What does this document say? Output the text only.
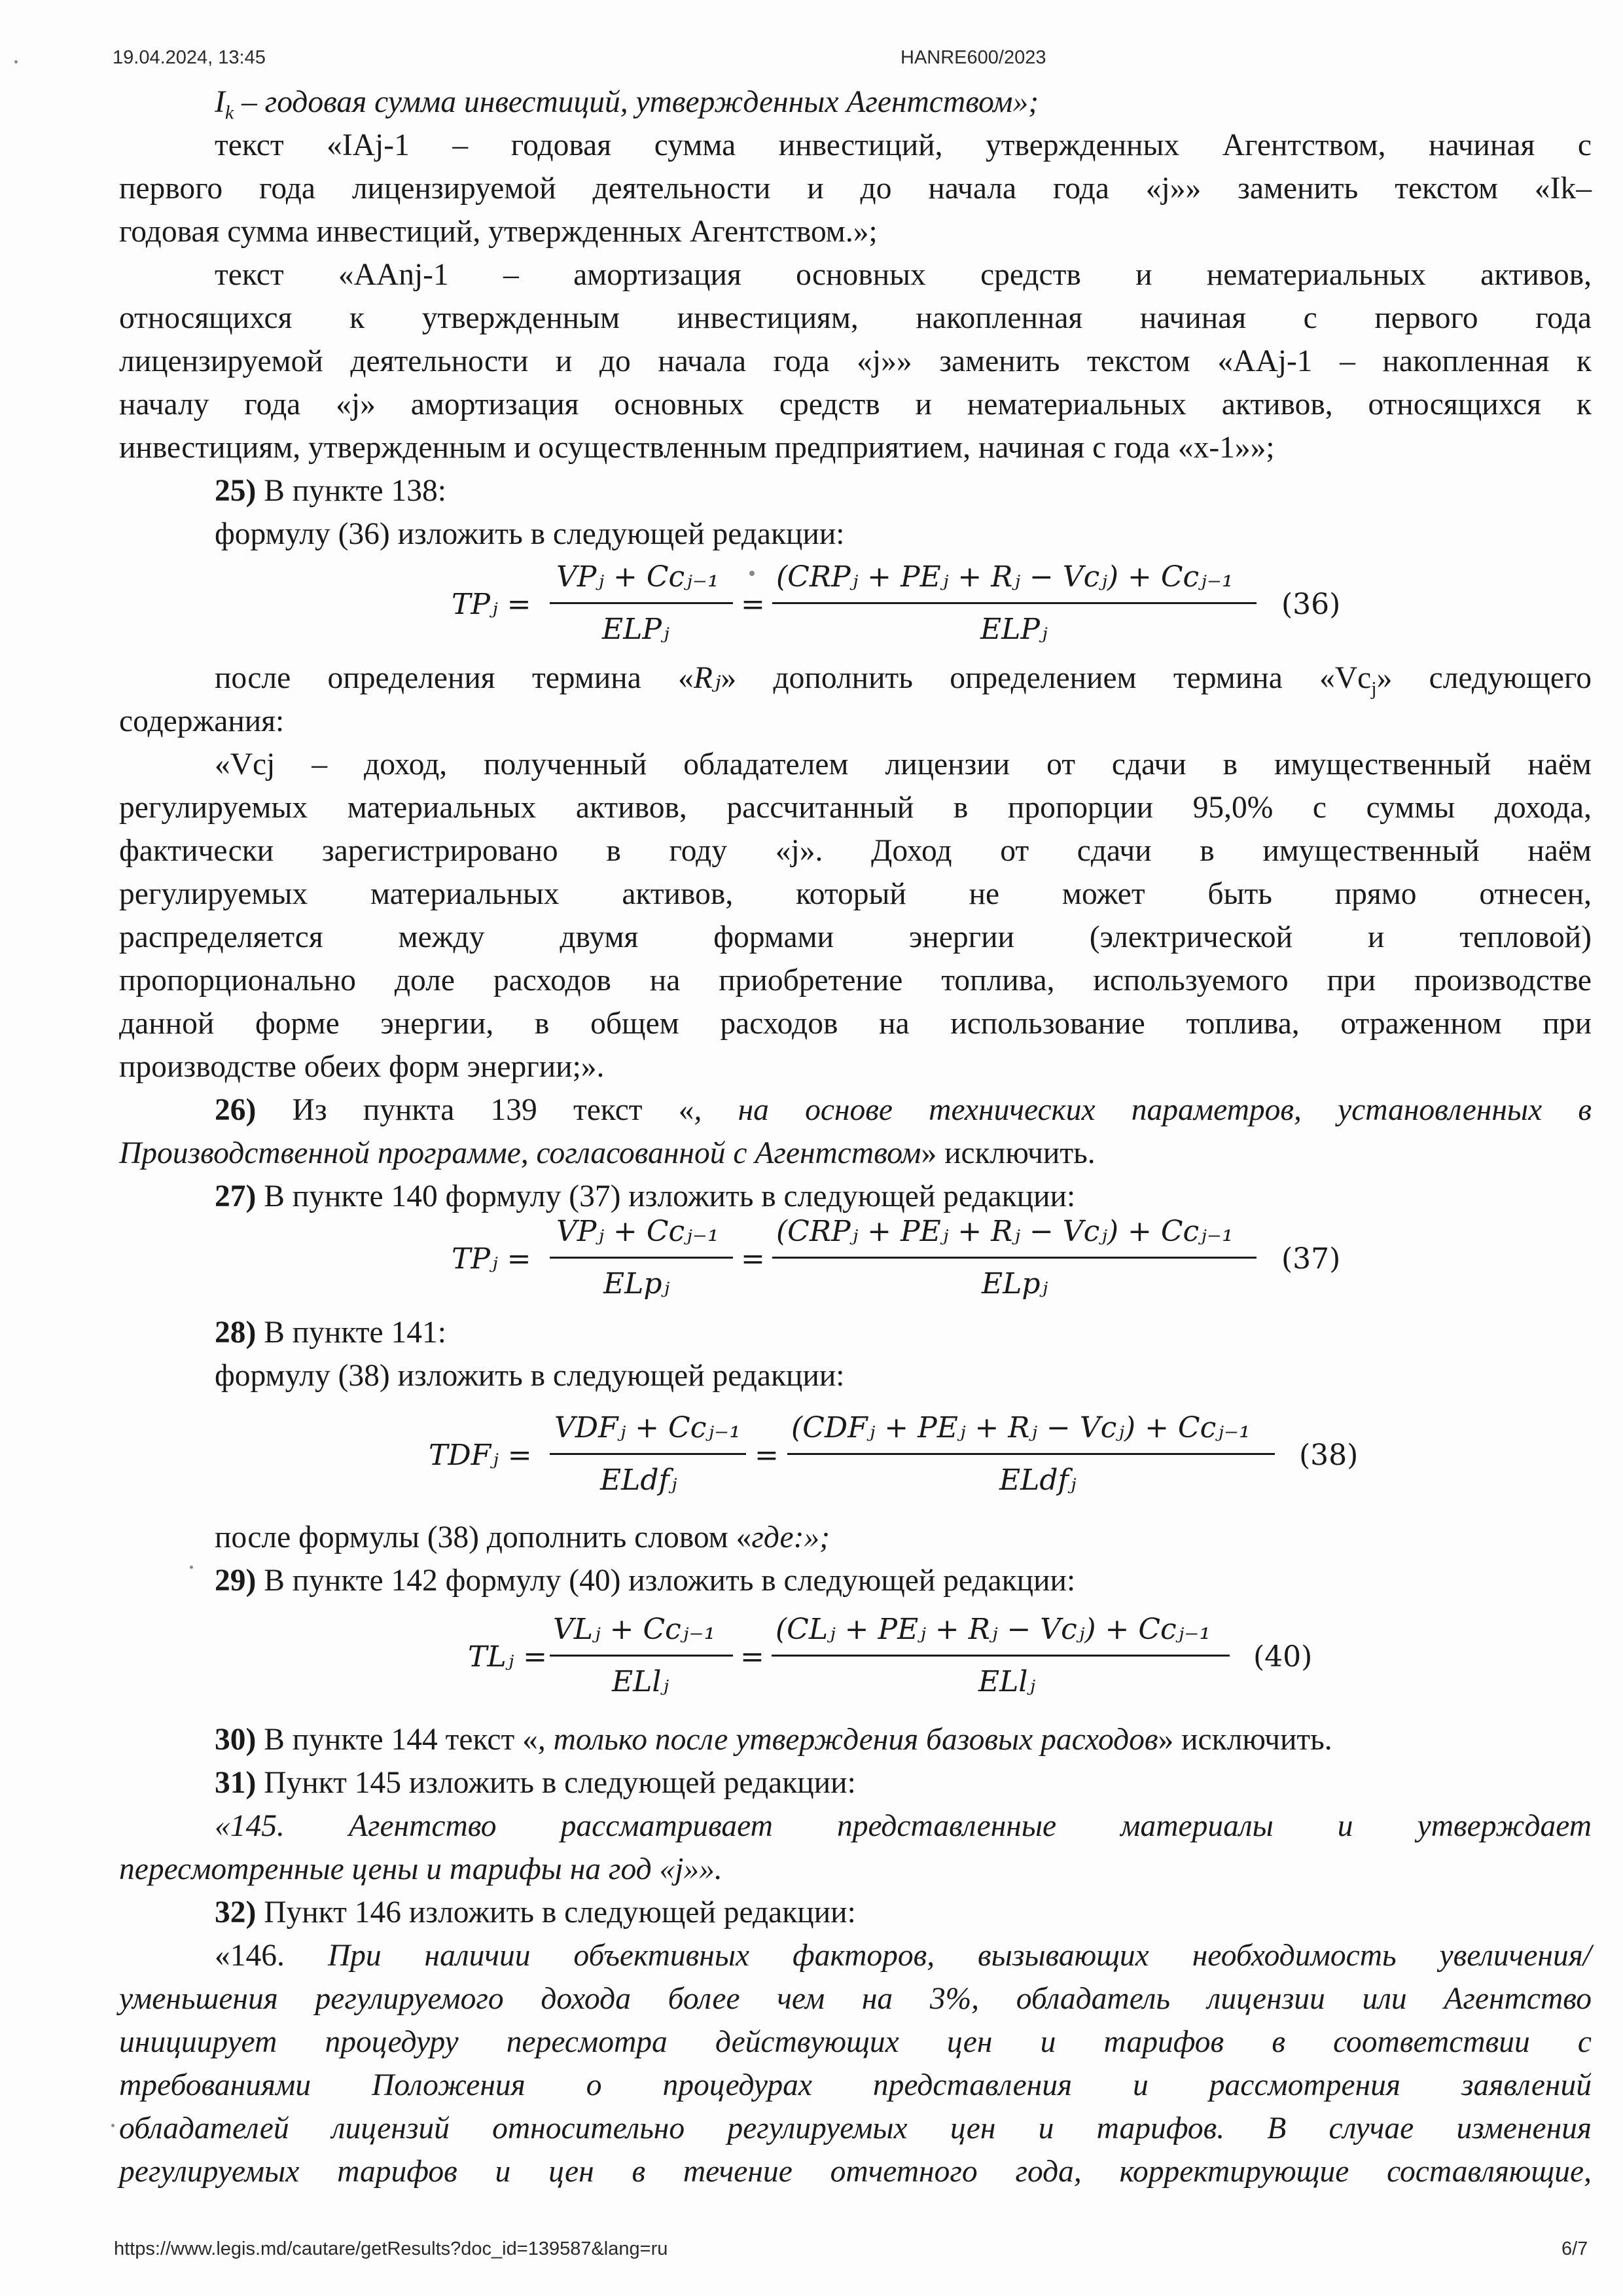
19.04.2024, 13:45	HANRE600/2023
https://www.legis.md/cautare/getResults?doc_id=139587&lang=ru	6/7
$I_k$ – годовая сумма инвестиций, утвержденных Агентством»;
текст «IAj-1 – годовая сумма инвестиций, утвержденных Агентством, начиная с
первого года лицензируемой деятельности и до начала года «j»» заменить текстом «Ik–
годовая сумма инвестиций, утвержденных Агентством.»;
текст «AAnj-1 – амортизация основных средств и нематериальных активов,
относящихся к утвержденным инвестициям, накопленная начиная с первого года
лицензируемой деятельности и до начала года «j»» заменить текстом «AAj-1 – накопленная к
началу года «j» амортизация основных средств и нематериальных активов, относящихся к
инвестициям, утвержденным и осуществленным предприятием, начиная с года «x-1»»;
25) В пункте 138:
формулу (36) изложить в следующей редакции:
TPⱼ =
VPⱼ + Ccⱼ₋₁
ELPⱼ
=
(CRPⱼ + PEⱼ + Rⱼ − Vcⱼ) + Ccⱼ₋₁
ELPⱼ
(36)
после определения термина «Rⱼ» дополнить определением термина «$Vc_j$» следующего
содержания:
«Vcj – доход, полученный обладателем лицензии от сдачи в имущественный наём
регулируемых материальных активов, рассчитанный в пропорции 95,0% с суммы дохода,
фактически зарегистрировано в году «j». Доход от сдачи в имущественный наём
регулируемых материальных активов, который не может быть прямо отнесен,
распределяется между двумя формами энергии (электрической и тепловой)
пропорционально доле расходов на приобретение топлива, используемого при производстве
данной форме энергии, в общем расходов на использование топлива, отраженном при
производстве обеих форм энергии;».
26) Из пункта 139 текст «, на основе технических параметров, установленных в
Производственной программе, согласованной с Агентством» исключить.
27) В пункте 140 формулу (37) изложить в следующей редакции:
TPⱼ =
VPⱼ + Ccⱼ₋₁
ELpⱼ
=
(CRPⱼ + PEⱼ + Rⱼ − Vcⱼ) + Ccⱼ₋₁
ELpⱼ
(37)
28) В пункте 141:
формулу (38) изложить в следующей редакции:
TDFⱼ =
VDFⱼ + Ccⱼ₋₁
ELdfⱼ
=
(CDFⱼ + PEⱼ + Rⱼ − Vcⱼ) + Ccⱼ₋₁
ELdfⱼ
(38)
после формулы (38) дополнить словом «где:»;
29) В пункте 142 формулу (40) изложить в следующей редакции:
TLⱼ =
VLⱼ + Ccⱼ₋₁
ELlⱼ
=
(CLⱼ + PEⱼ + Rⱼ − Vcⱼ) + Ccⱼ₋₁
ELlⱼ
(40)
30) В пункте 144 текст «, только после утверждения базовых расходов» исключить.
31) Пункт 145 изложить в следующей редакции:
«145. Агентство рассматривает представленные материалы и утверждает
пересмотренные цены и тарифы на год «j»».
32) Пункт 146 изложить в следующей редакции:
«146. При наличии объективных факторов, вызывающих необходимость увеличения/
уменьшения регулируемого дохода более чем на 3%, обладатель лицензии или Агентство
инициирует процедуру пересмотра действующих цен и тарифов в соответствии с
требованиями Положения о процедурах представления и рассмотрения заявлений
обладателей лицензий относительно регулируемых цен и тарифов. В случае изменения
регулируемых тарифов и цен в течение отчетного года, корректирующие составляющие,
